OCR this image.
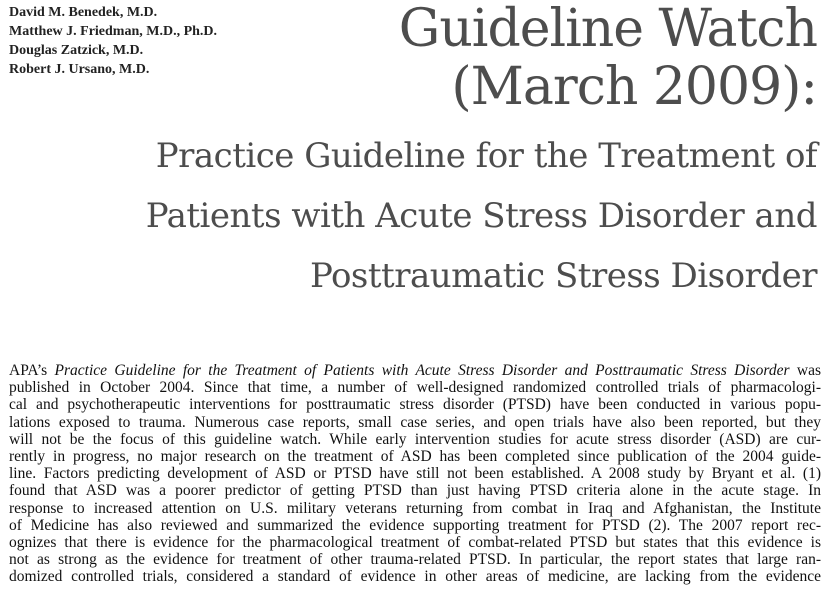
David M. Benedek, M.D.
Matthew J. Friedman, M.D., Ph.D.
Douglas Zatzick, M.D.
Robert J. Ursano, M.D.
Guideline Watch
(March 2009):
Practice Guideline for the Treatment of
Patients with Acute Stress Disorder and
Posttraumatic Stress Disorder

APA’s Practice Guideline for the Treatment of Patients with Acute Stress Disorder and Posttraumatic Stress Disorder was
published in October 2004. Since that time, a number of well-designed randomized controlled trials of pharmacologi-
cal and psychotherapeutic interventions for posttraumatic stress disorder (PTSD) have been conducted in various popu-
lations exposed to trauma. Numerous case reports, small case series, and open trials have also been reported, but they
will not be the focus of this guideline watch. While early intervention studies for acute stress disorder (ASD) are cur-
rently in progress, no major research on the treatment of ASD has been completed since publication of the 2004 guide-
line. Factors predicting development of ASD or PTSD have still not been established. A 2008 study by Bryant et al. (1)
found that ASD was a poorer predictor of getting PTSD than just having PTSD criteria alone in the acute stage. In
response to increased attention on U.S. military veterans returning from combat in Iraq and Afghanistan, the Institute
of Medicine has also reviewed and summarized the evidence supporting treatment for PTSD (2). The 2007 report rec-
ognizes that there is evidence for the pharmacological treatment of combat-related PTSD but states that this evidence is
not as strong as the evidence for treatment of other trauma-related PTSD. In particular, the report states that large ran-
domized controlled trials, considered a standard of evidence in other areas of medicine, are lacking from the evidence
